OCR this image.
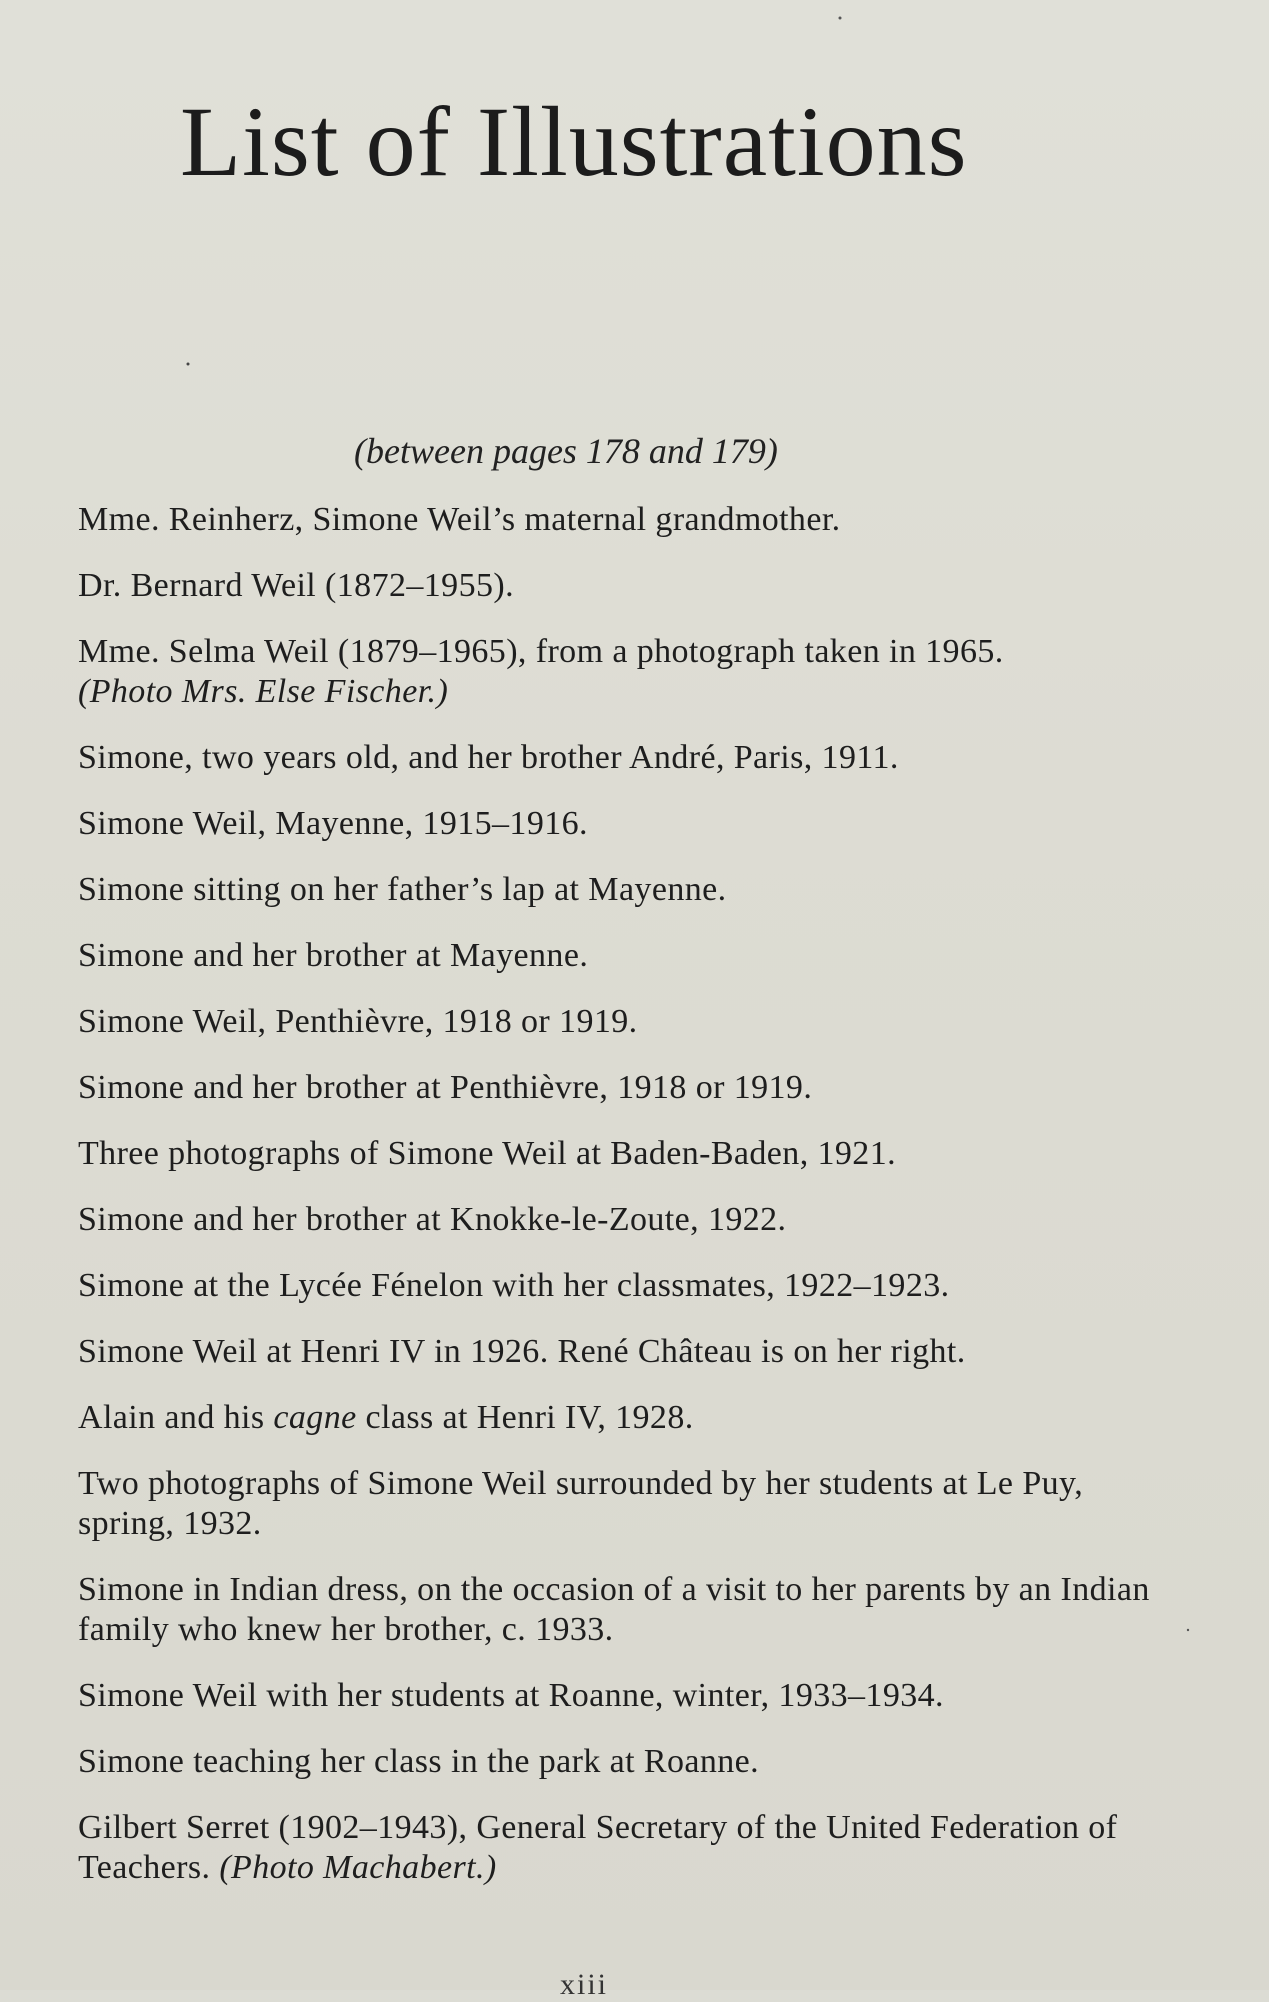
List of Illustrations
(between pages 178 and 179)
Mme. Reinherz, Simone Weil’s maternal grandmother.
Dr. Bernard Weil (1872–1955).
Mme. Selma Weil (1879–1965), from a photograph taken in 1965.
(Photo Mrs. Else Fischer.)
Simone, two years old, and her brother André, Paris, 1911.
Simone Weil, Mayenne, 1915–1916.
Simone sitting on her father’s lap at Mayenne.
Simone and her brother at Mayenne.
Simone Weil, Penthièvre, 1918 or 1919.
Simone and her brother at Penthièvre, 1918 or 1919.
Three photographs of Simone Weil at Baden-Baden, 1921.
Simone and her brother at Knokke-le-Zoute, 1922.
Simone at the Lycée Fénelon with her classmates, 1922–1923.
Simone Weil at Henri IV in 1926. René Château is on her right.
Alain and his cagne class at Henri IV, 1928.
Two photographs of Simone Weil surrounded by her students at Le Puy, spring, 1932.
Simone in Indian dress, on the occasion of a visit to her parents by an Indian family who knew her brother, c. 1933.
Simone Weil with her students at Roanne, winter, 1933–1934.
Simone teaching her class in the park at Roanne.
Gilbert Serret (1902–1943), General Secretary of the United Federation of Teachers. (Photo Machabert.)
xiii
